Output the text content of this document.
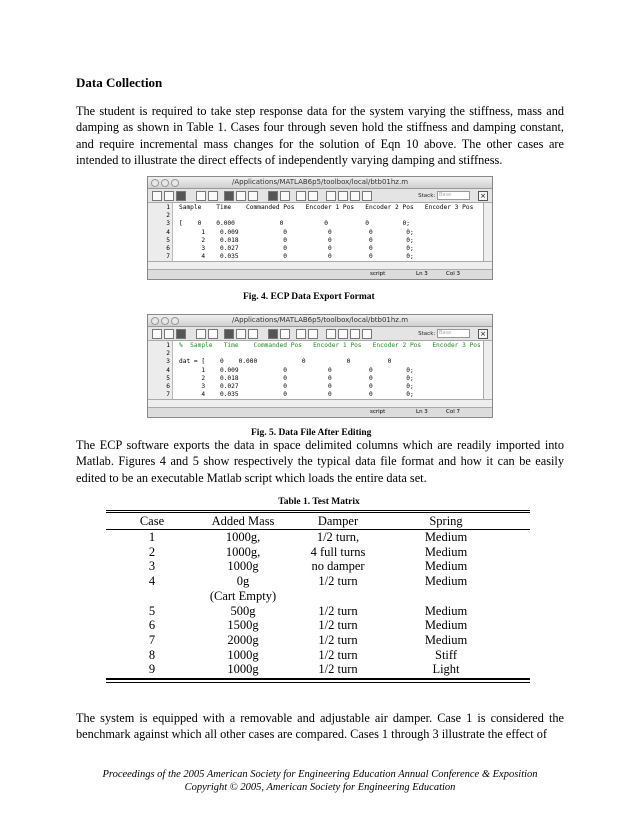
Data Collection
The student is required to take step response data for the system varying the stiffness, mass and damping as shown in Table 1. Cases four through seven hold the stiffness and damping constant, and require incremental mass changes for the solution of Eqn 10 above. The other cases are intended to illustrate the direct effects of independently varying damping and stiffness.
/Applications/MATLAB6p5/toolbox/local/btb01hz.m
Stack: Base	×
1 Sample    Time    Commanded Pos   Encoder 1 Pos   Encoder 2 Pos   Encoder 3 Pos
2
3 [    0    0.000            0           0          0         0;
4 1    0.009            0           0          0         0;
5 2    0.018            0           0          0         0;
6 3    0.027            0           0          0         0;
7 4    0.035            0           0          0         0;
script	Ln 3	Col 3
Fig. 4. ECP Data Export Format
/Applications/MATLAB6p5/toolbox/local/btb01hz.m
Stack: Base	×
1 %  Sample   Time    Commanded Pos   Encoder 1 Pos   Encoder 2 Pos   Encoder 3 Pos
2
3 dat = [    0    0.000            0           0          0
4 1    0.009            0           0          0         0;
5 2    0.018            0           0          0         0;
6 3    0.027            0           0          0         0;
7 4    0.035            0           0          0         0;
script	Ln 3	Col 7
Fig. 5. Data File After Editing
The ECP software exports the data in space delimited columns which are readily imported into Matlab. Figures 4 and 5 show respectively the typical data file format and how it can be easily edited to be an executable Matlab script which loads the entire data set.
Table 1. Test Matrix
Case	Added Mass	Damper	Spring
1	1000g,	1/2 turn,	Medium
2	1000g,	4 full turns	Medium
3	1000g	no damper	Medium
4	0g	1/2 turn	Medium
(Cart Empty)
5	500g	1/2 turn	Medium
6	1500g	1/2 turn	Medium
7	2000g	1/2 turn	Medium
8	1000g	1/2 turn	Stiff
9	1000g	1/2 turn	Light
The system is equipped with a removable and adjustable air damper. Case 1 is considered the benchmark against which all other cases are compared. Cases 1 through 3 illustrate the effect of
Proceedings of the 2005 American Society for Engineering Education Annual Conference & Exposition
Copyright © 2005, American Society for Engineering Education
